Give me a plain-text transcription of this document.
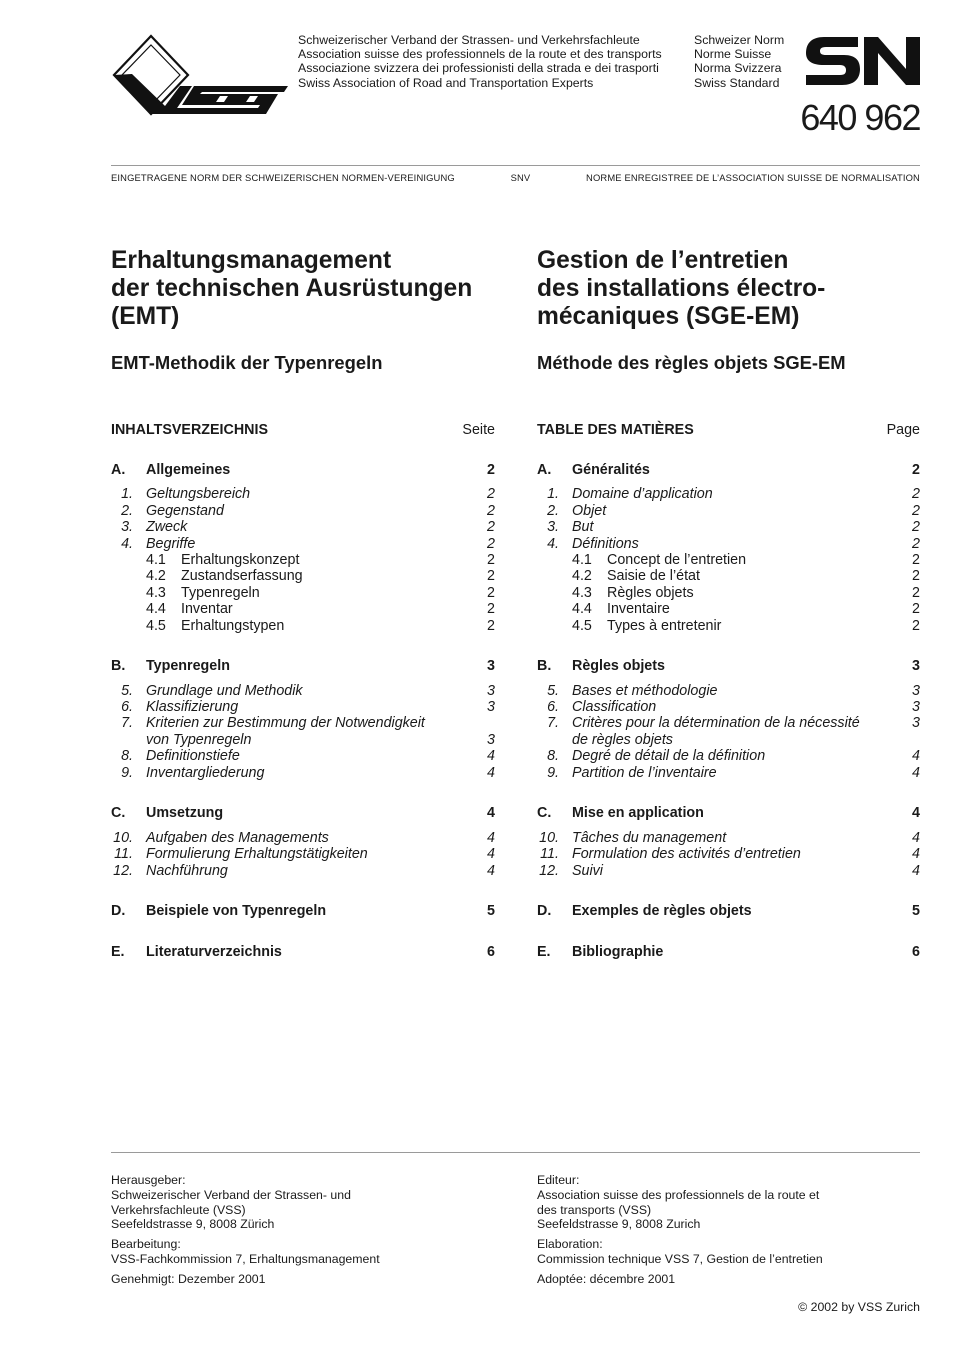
Schweizerischer Verband der Strassen- und Verkehrsfachleute
Association suisse des professionnels de la route et des transports
Associazione svizzera dei professionisti della strada e dei trasporti
Swiss Association of Road and Transportation Experts
Schweizer Norm
Norme Suisse
Norma Svizzera
Swiss Standard
640 962
EINGETRAGENE NORM DER SCHWEIZERISCHEN NORMEN-VEREINIGUNG	SNV	NORME ENREGISTREE DE L’ASSOCIATION SUISSE DE NORMALISATION
Erhaltungsmanagement
der technischen Ausrüstungen
(EMT)
Gestion de l’entretien
des installations électro-
mécaniques (SGE-EM)
EMT-Methodik der Typenregeln	Méthode des règles objets SGE-EM
INHALTSVERZEICHNIS	Seite	TABLE DES MATIÈRES	Page
A.	Allgemeines	2
1. Geltungsbereich	2
2. Gegenstand	2
3. Zweck	2
4. Begriffe	2
4.1	Erhaltungskonzept	2
4.2	Zustandserfassung	2
4.3	Typenregeln	2
4.4	Inventar	2
4.5	Erhaltungstypen	2
B.	Typenregeln	3
5. Grundlage und Methodik	3
6. Klassifizierung	3
7. Kriterien zur Bestimmung der Notwendigkeit
von Typenregeln	3
8. Definitionstiefe	4
9. Inventargliederung	4
C.	Umsetzung	4
10. Aufgaben des Managements	4
11. Formulierung Erhaltungstätigkeiten	4
12. Nachführung	4
D.	Beispiele von Typenregeln	5
E.	Literaturverzeichnis	6
A.	Généralités	2
1. Domaine d’application	2
2. Objet	2
3. But	2
4. Définitions	2
4.1	Concept de l’entretien	2
4.2	Saisie de l’état	2
4.3	Règles objets	2
4.4	Inventaire	2
4.5	Types à entretenir	2
B.	Règles objets	3
5. Bases et méthodologie	3
6. Classification	3
7. Critères pour la détermination de la nécessité	3
de règles objets
8. Degré de détail de la définition	4
9. Partition de l’inventaire	4
C.	Mise en application	4
10. Tâches du management	4
11. Formulation des activités d’entretien	4
12. Suivi	4
D.	Exemples de règles objets	5
E.	Bibliographie	6

Herausgeber:
Schweizerischer Verband der Strassen- und
Verkehrsfachleute (VSS)
Seefeldstrasse 9, 8008 Zürich

Bearbeitung:
VSS-Fachkommission 7, Erhaltungsmanagement

Genehmigt: Dezember 2001

Editeur:
Association suisse des professionnels de la route et
des transports (VSS)
Seefeldstrasse 9, 8008 Zurich

Elaboration:
Commission technique VSS 7, Gestion de l’entretien

Adoptée: décembre 2001

© 2002 by VSS Zurich
